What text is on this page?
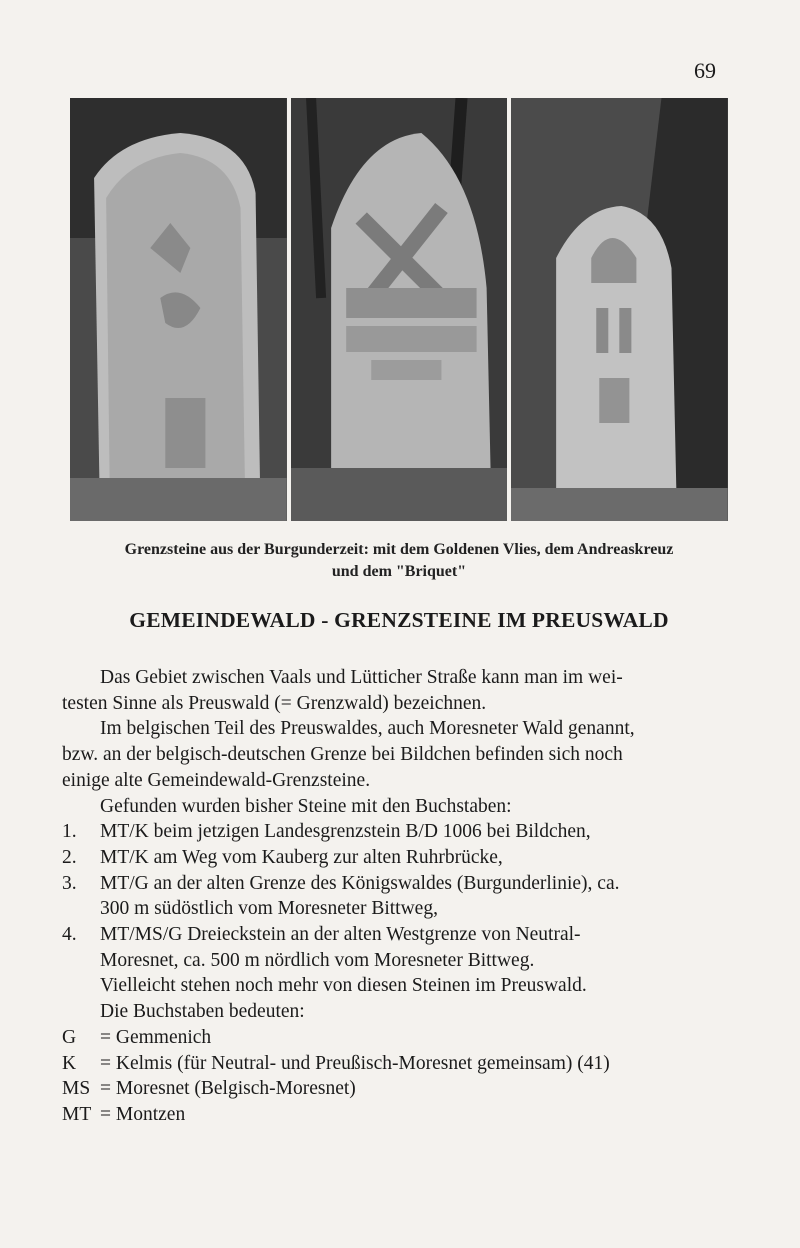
69
Grenzsteine aus der Burgunderzeit: mit dem Goldenen Vlies, dem Andreaskreuz
und dem "Briquet"
GEMEINDEWALD - GRENZSTEINE IM PREUSWALD
Das Gebiet zwischen Vaals und Lütticher Straße kann man im wei-
testen Sinne als Preuswald (= Grenzwald) bezeichnen.
Im belgischen Teil des Preuswaldes, auch Moresneter Wald genannt,
bzw. an der belgisch-deutschen Grenze bei Bildchen befinden sich noch
einige alte Gemeindewald-Grenzsteine.
Gefunden wurden bisher Steine mit den Buchstaben:
1.	MT/K beim jetzigen Landesgrenzstein B/D 1006 bei Bildchen,
2.	MT/K am Weg vom Kauberg zur alten Ruhrbrücke,
3.	MT/G an der alten Grenze des Königswaldes (Burgunderlinie), ca.
300 m südöstlich vom Moresneter Bittweg,
4.	MT/MS/G Dreieckstein an der alten Westgrenze von Neutral-
Moresnet, ca. 500 m nördlich vom Moresneter Bittweg.
Vielleicht stehen noch mehr von diesen Steinen im Preuswald.
Die Buchstaben bedeuten:
G	= Gemmenich
K	= Kelmis (für Neutral- und Preußisch-Moresnet gemeinsam) (41)
MS = Moresnet (Belgisch-Moresnet)
MT = Montzen
